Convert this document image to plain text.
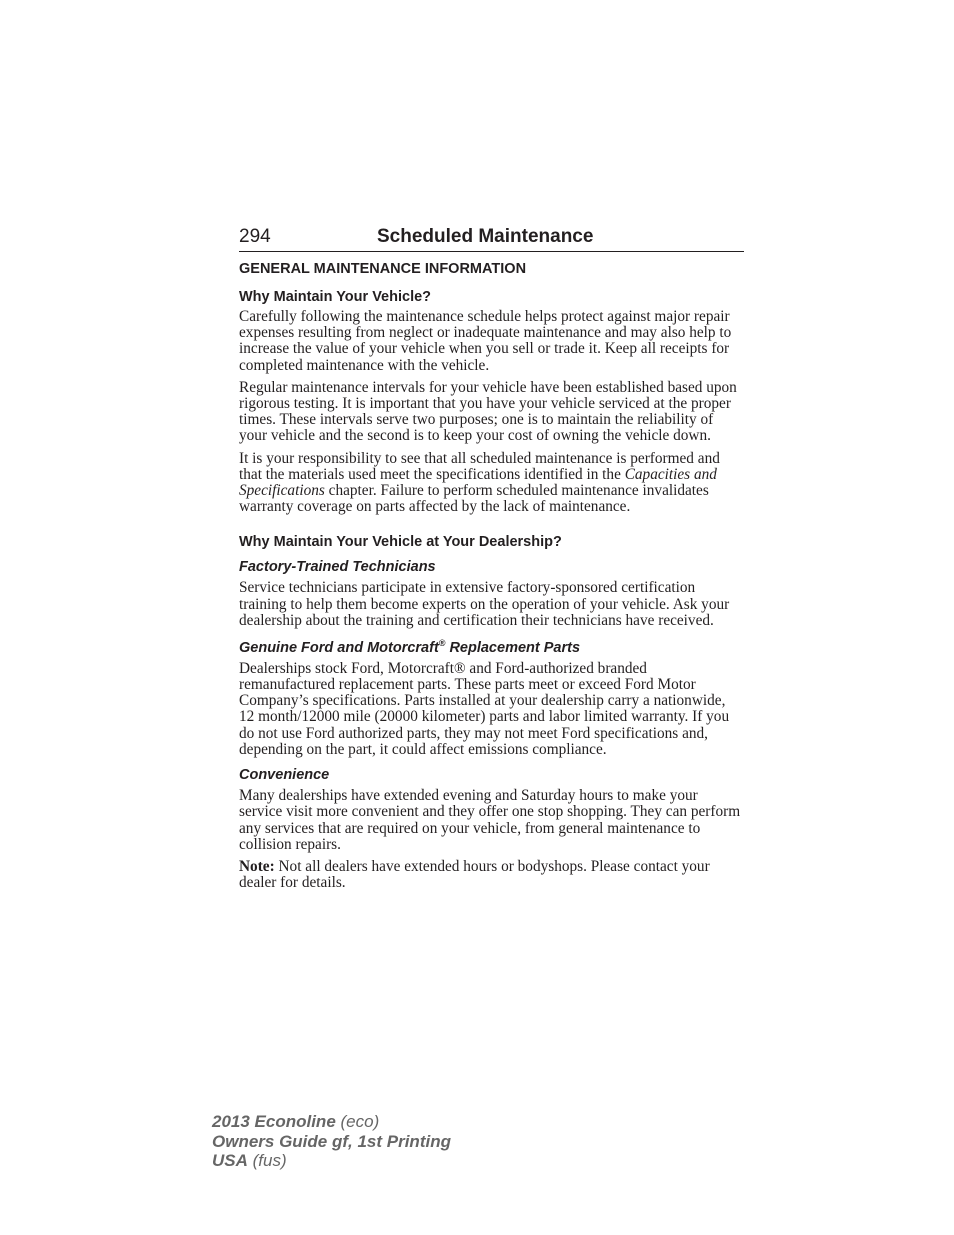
294	Scheduled Maintenance
GENERAL MAINTENANCE INFORMATION
Why Maintain Your Vehicle?

Carefully following the maintenance schedule helps protect against major repair expenses resulting from neglect or inadequate maintenance and may also help to increase the value of your vehicle when you sell or trade it. Keep all receipts for completed maintenance with the vehicle.

Regular maintenance intervals for your vehicle have been established based upon rigorous testing. It is important that you have your vehicle serviced at the proper times. These intervals serve two purposes; one is to maintain the reliability of your vehicle and the second is to keep your cost of owning the vehicle down.

It is your responsibility to see that all scheduled maintenance is performed and that the materials used meet the specifications identified in the Capacities and Specifications chapter. Failure to perform scheduled maintenance invalidates warranty coverage on parts affected by the lack of maintenance.

Why Maintain Your Vehicle at Your Dealership?
Factory-Trained Technicians

Service technicians participate in extensive factory-sponsored certification training to help them become experts on the operation of your vehicle. Ask your dealership about the training and certification their technicians have received.

Genuine Ford and Motorcraft® Replacement Parts

Dealerships stock Ford, Motorcraft® and Ford-authorized branded remanufactured replacement parts. These parts meet or exceed Ford Motor Company’s specifications. Parts installed at your dealership carry a nationwide, 12 month/12000 mile (20000 kilometer) parts and labor limited warranty. If you do not use Ford authorized parts, they may not meet Ford specifications and, depending on the part, it could affect emissions compliance.

Convenience

Many dealerships have extended evening and Saturday hours to make your service visit more convenient and they offer one stop shopping. They can perform any services that are required on your vehicle, from general maintenance to collision repairs.

Note: Not all dealers have extended hours or bodyshops. Please contact your dealer for details.

2013 Econoline (eco)
Owners Guide gf, 1st Printing
USA (fus)
